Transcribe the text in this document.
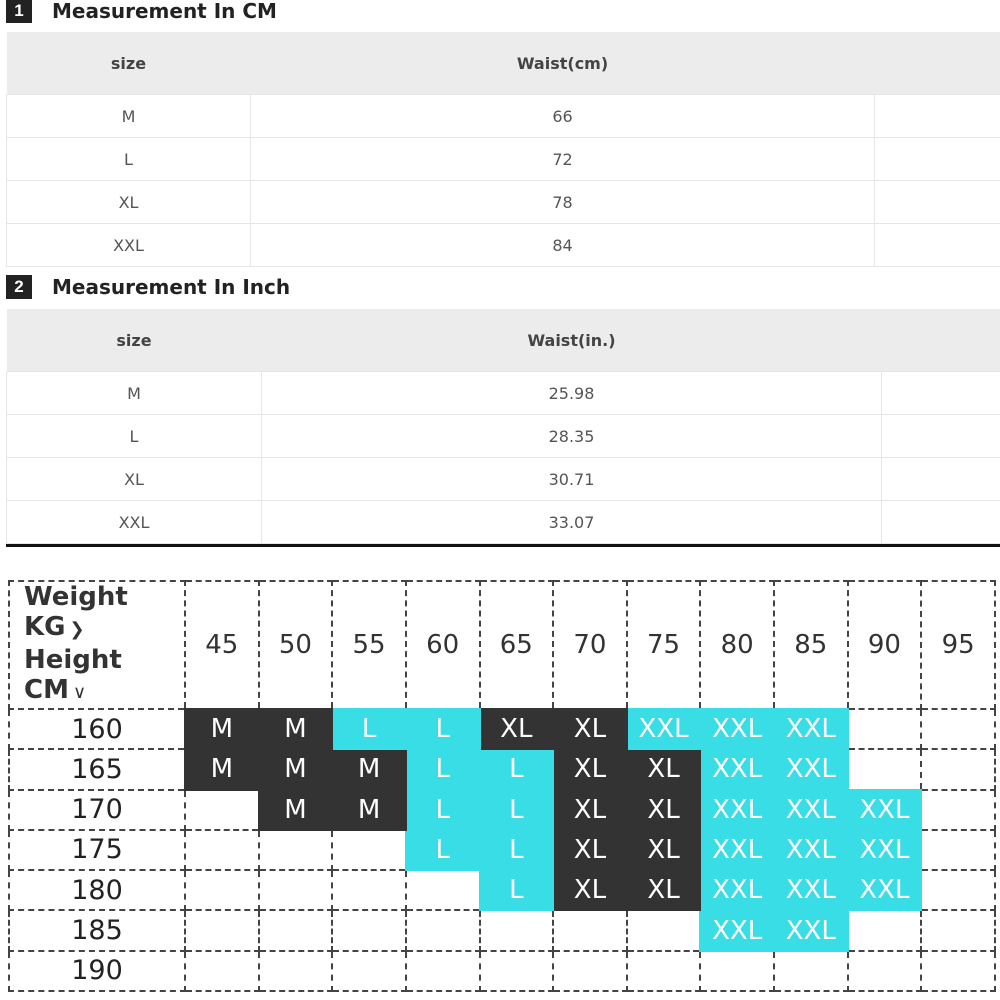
1	Measurement In CM
size	Waist(cm)	
M	66	
L	72	
XL	78	
XXL	84	
2	Measurement In Inch
size	Waist(in.)	
M	25.98	
L	28.35	
XL	30.71	
XXL	33.07	
Weight KG ❯
Height CM ∨	45	50	55	60	65	70	75	80	85	90	95
160	M	M	L	L	XL	XL	XXL	XXL	XXL		
165	M	M	M	L	L	XL	XL	XXL	XXL		
170		M	M	L	L	XL	XL	XXL	XXL	XXL	
175				L	L	XL	XL	XXL	XXL	XXL	
180					L	XL	XL	XXL	XXL	XXL	
185								XXL	XXL		
190											
